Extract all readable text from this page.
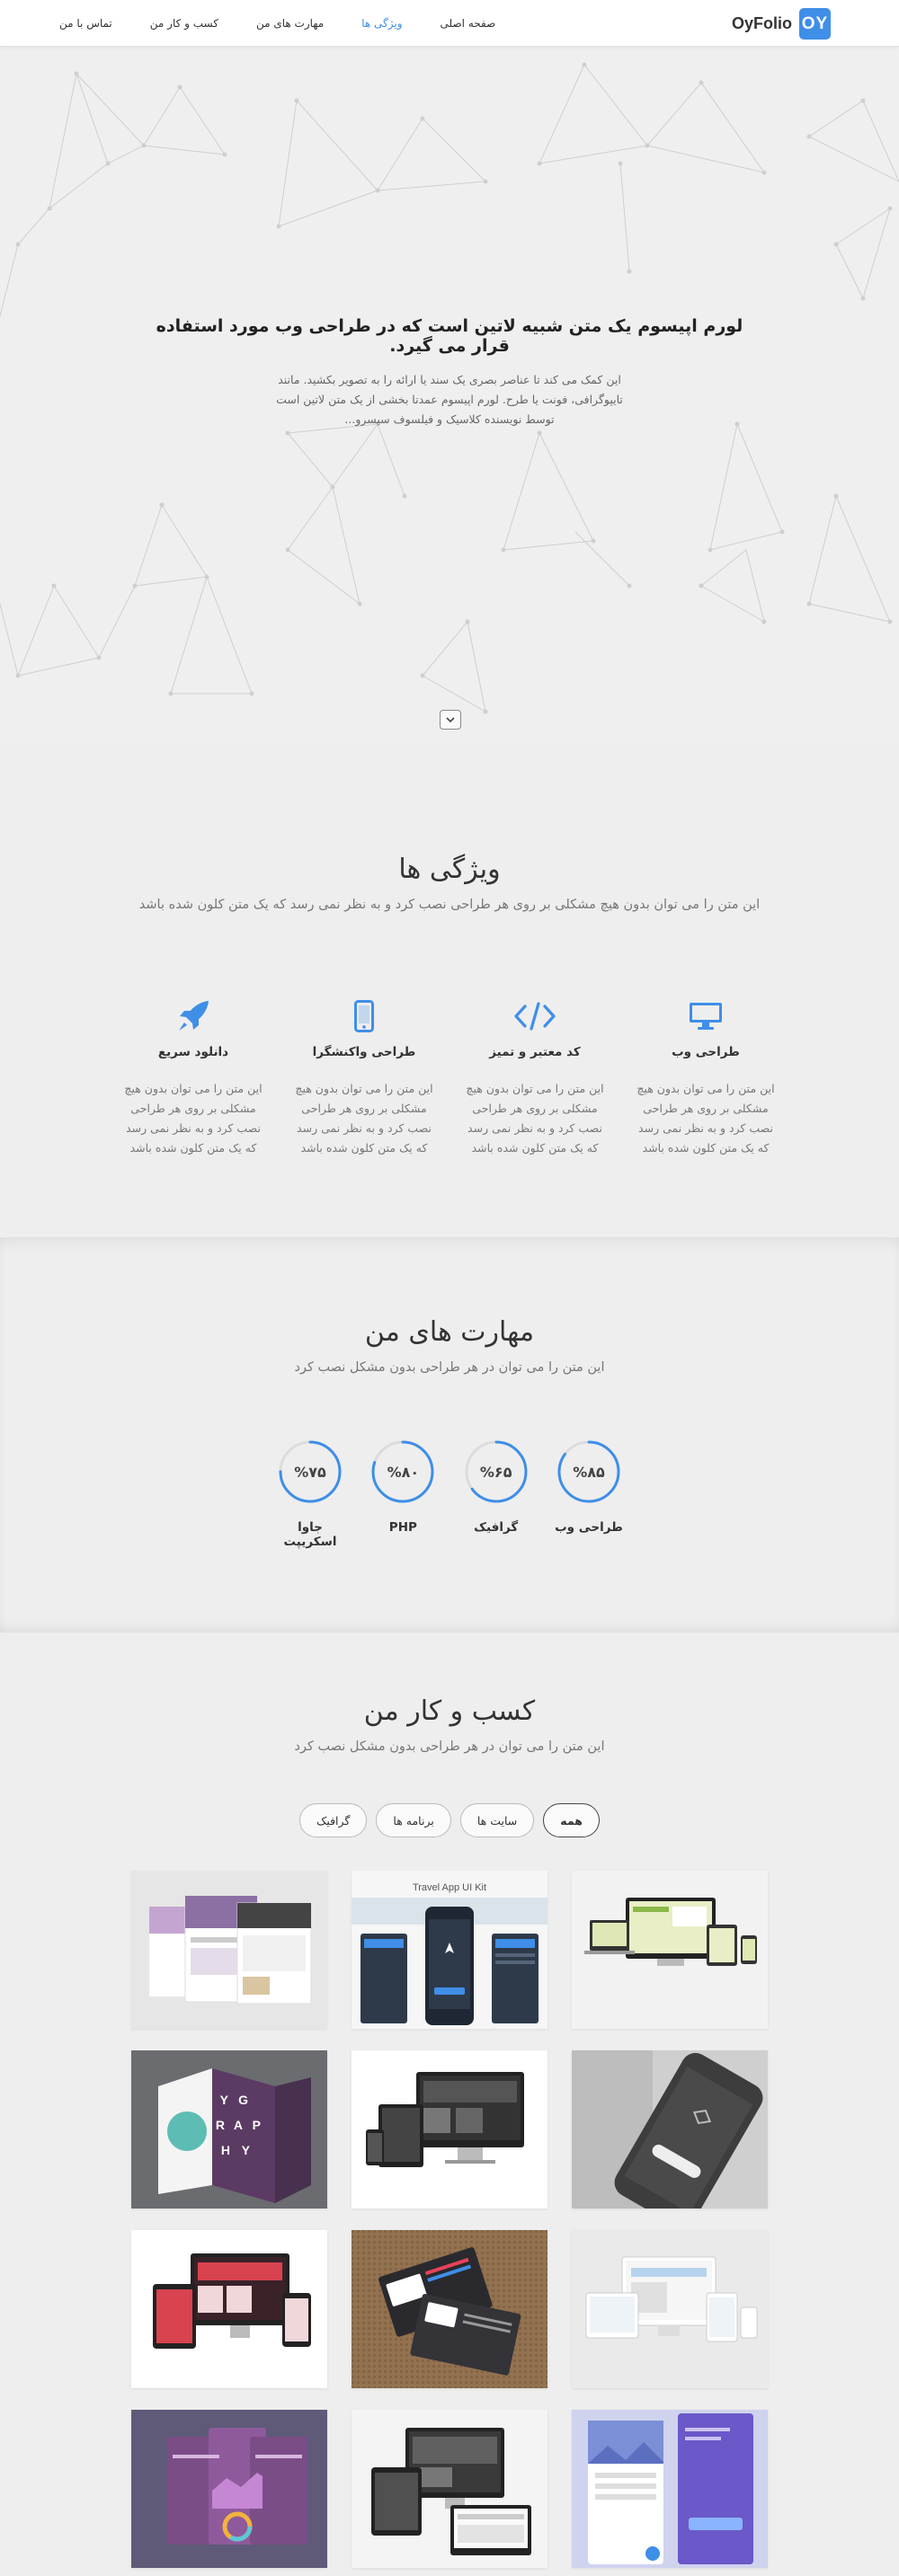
OyFolio OY
صفحه اصلی
ویژگی ها
مهارت های من
کسب و کار من
تماس با من
لورم اپیسوم یک متن شبیه لاتین است که در طراحی وب مورد استفاده قرار می گیرد.

این کمک می کند تا عناصر بصری یک سند یا ارائه را به تصویر بکشید. مانند تایپوگرافی، فونت یا طرح. لورم اپیسوم عمدتا بخشی از یک متن لاتین است توسط نویسنده کلاسیک و فیلسوف سیسرو...

ویژگی ها

این متن را می توان بدون هیچ مشکلی بر روی هر طراحی نصب کرد و به نظر نمی رسد که یک متن کلون شده باشد

طراحی وب
این متن را می توان بدون هیچ مشکلی بر روی هر طراحی نصب کرد و به نظر نمی رسد که یک متن کلون شده باشد
کد معتبر و تمیز
این متن را می توان بدون هیچ مشکلی بر روی هر طراحی نصب کرد و به نظر نمی رسد که یک متن کلون شده باشد
طراحی واکنشگرا
این متن را می توان بدون هیچ مشکلی بر روی هر طراحی نصب کرد و به نظر نمی رسد که یک متن کلون شده باشد
دانلود سریع
این متن را می توان بدون هیچ مشکلی بر روی هر طراحی نصب کرد و به نظر نمی رسد که یک متن کلون شده باشد
مهارت های من

این متن را می توان در هر طراحی بدون مشکل نصب کرد

%۸۵
طراحی وب
%۶۵
گرافیک
%۸۰
PHP
%۷۵
جاوا اسکریپت
کسب و کار من

این متن را می توان در هر طراحی بدون مشکل نصب کرد

همه
سایت ها
برنامه ها
گرافیک
Travel App UI Kit
Y G
R A P
H Y
